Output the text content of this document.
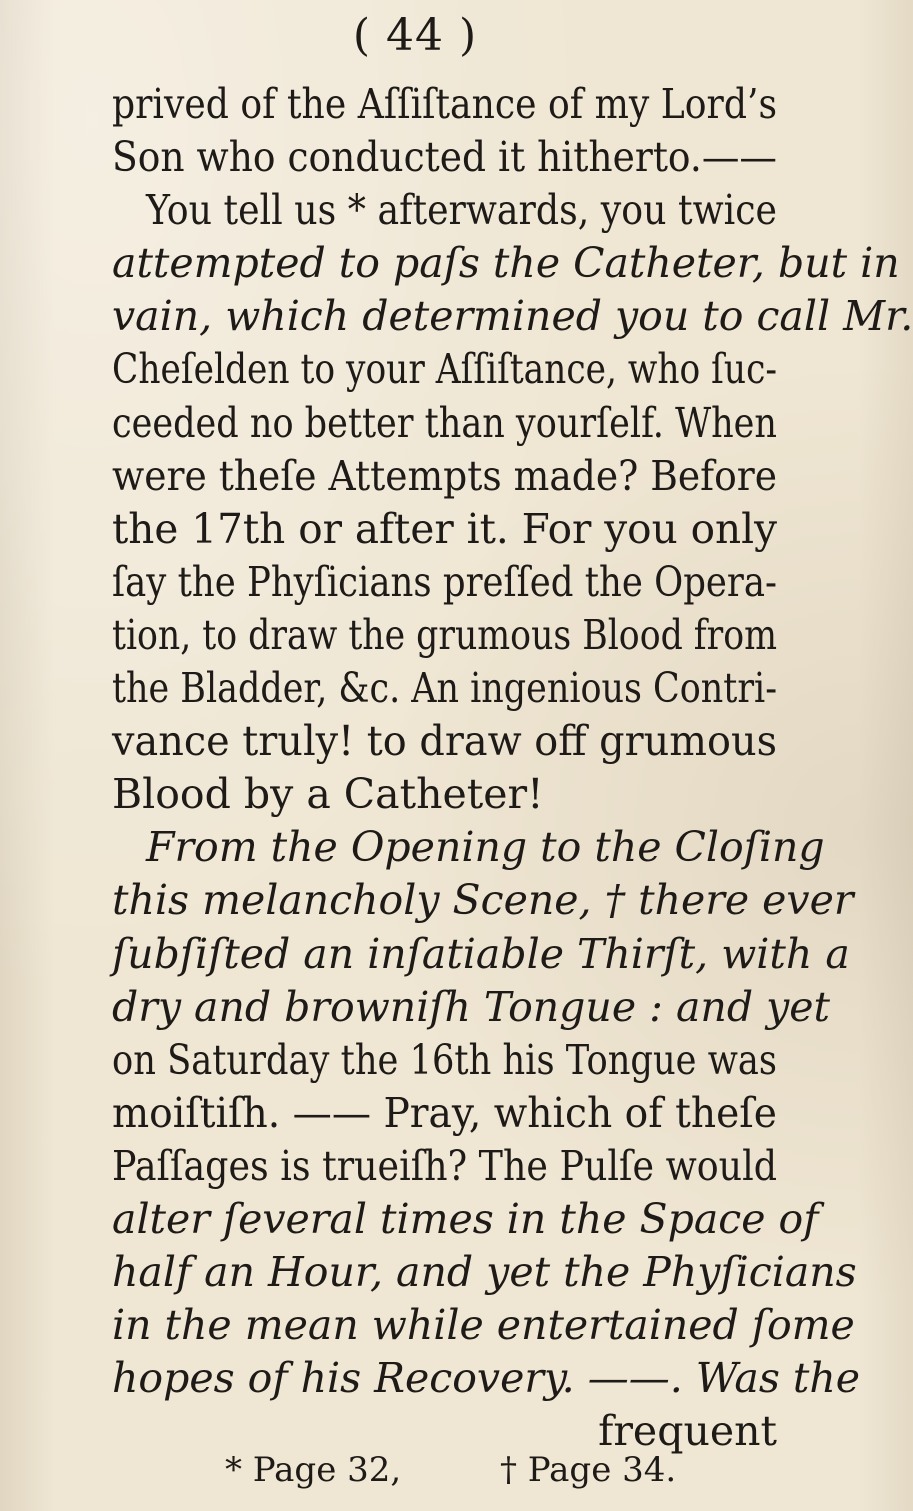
( 44 )
prived of the Aſſiſtance of my Lord’s
Son who conducted it hitherto.——
You tell us * afterwards, you twice
attempted to paſs the Catheter, but in
vain, which determined you to call Mr.
Cheſelden to your Aſſiſtance, who ſuc-
ceeded no better than yourſelf. When
were theſe Attempts made? Before
the 17th or after it. For you only
ſay the Phyſicians preſſed the Opera-
tion, to draw the grumous Blood from
the Bladder, &c. An ingenious Contri-
vance truly! to draw off grumous
Blood by a Catheter!
From the Opening to the Cloſing
this melancholy Scene, † there ever
ſubſiſted an inſatiable Thirſt, with a
dry and browniſh Tongue : and yet
on Saturday the 16th his Tongue was
moiſtiſh. —— Pray, which of theſe
Paſſages is trueiſh? The Pulſe would
alter ſeveral times in the Space of
half an Hour, and yet the Phyſicians
in the mean while entertained ſome
hopes of his Recovery. ——. Was the
frequent
* Page 32,	† Page 34.
